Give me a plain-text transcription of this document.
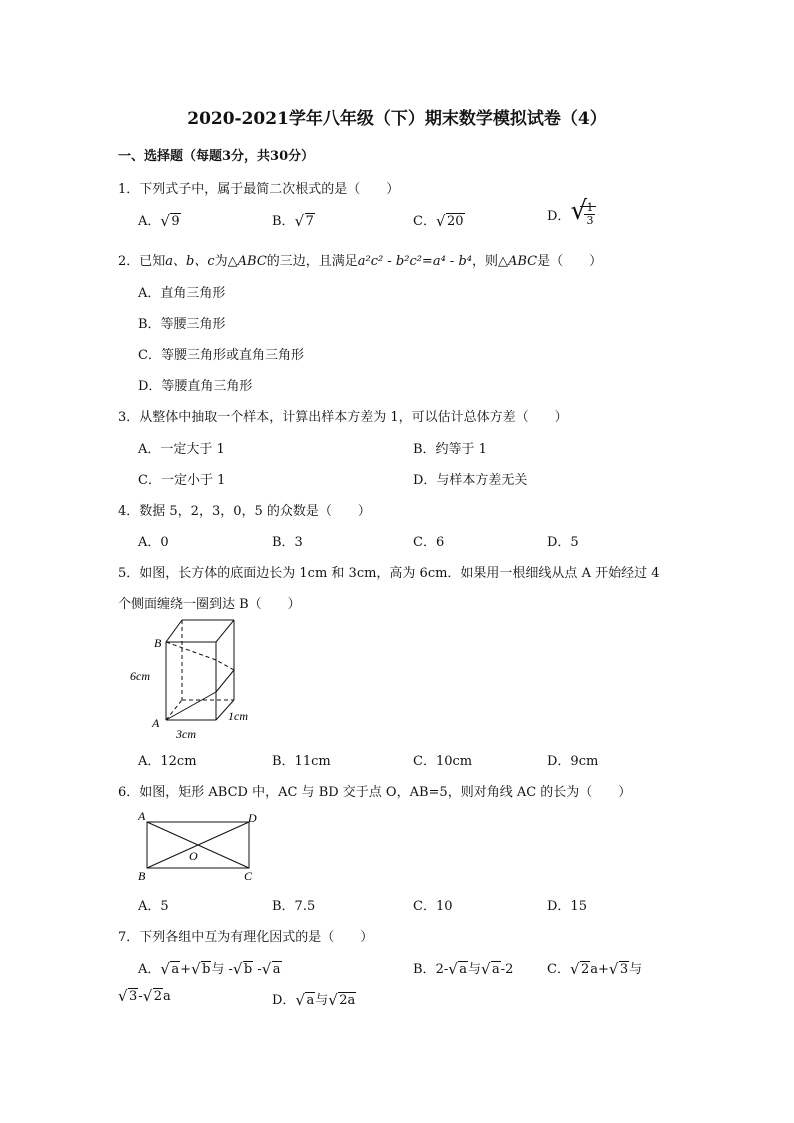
2020-2021学年八年级（下）期末数学模拟试卷（4）
一、选择题（每题3分，共30分）
1．下列式子中，属于最简二次根式的是（　　）
A． √ 9	B． √ 7	C． √ 20	D． √
$\frac{1}{3}$
2．已知a、b、c为△ABC的三边，且满足a²c² - b²c²=a⁴ - b⁴，则△ABC是（　　）
A．直角三角形
B．等腰三角形
C．等腰三角形或直角三角形
D．等腰直角三角形
3．从整体中抽取一个样本，计算出样本方差为 1，可以估计总体方差（　　）
A．一定大于 1	B．约等于 1
C．一定小于 1	D．与样本方差无关
4．数据 5，2，3，0，5 的众数是（　　）
A．0	B．3	C．6	D．5
5．如图，长方体的底面边长为 1cm 和 3cm，高为 6cm．如果用一根细线从点 A 开始经过 4
个侧面缠绕一圈到达 B（　　）
B
6cm
A
3cm
1cm
A．12cm	B．11cm	C．10cm	D．9cm
6．如图，矩形 ABCD 中，AC 与 BD 交于点 O，AB=5，则对角线 AC 的长为（　　）
A	D
O
B	C
A．5	B．7.5	C．10	D．15
7．下列各组中互为有理化因式的是（　　）
A． √ a+ √ b与 - √ b - √ a	B．2- √ a与 √ a-2	C． √ 2a+ √ 3与
√ 3- √ 2a	D． √ a与 √ 2a
